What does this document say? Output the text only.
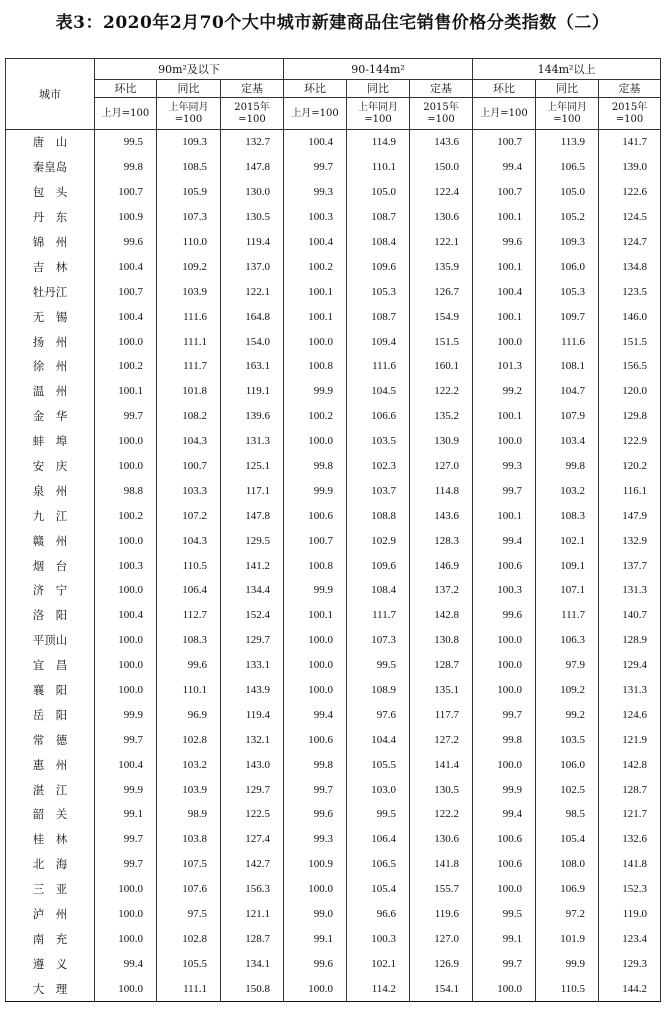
表3：2020年2月70个大中城市新建商品住宅销售价格分类指数（二）
城市	90m²及以下			90-144m²			144m²以上		
	环比	同比	定基	环比	同比	定基	环比	同比	定基
	上月=100	上年同月=100	2015年=100	上月=100	上年同月=100	2015年=100	上月=100	上年同月=100	2015年=100
唐　山	99.5	109.3	132.7	100.4	114.9	143.6	100.7	113.9	141.7
秦皇岛	99.8	108.5	147.8	99.7	110.1	150.0	99.4	106.5	139.0
包　头	100.7	105.9	130.0	99.3	105.0	122.4	100.7	105.0	122.6
丹　东	100.9	107.3	130.5	100.3	108.7	130.6	100.1	105.2	124.5
锦　州	99.6	110.0	119.4	100.4	108.4	122.1	99.6	109.3	124.7
吉　林	100.4	109.2	137.0	100.2	109.6	135.9	100.1	106.0	134.8
牡丹江	100.7	103.9	122.1	100.1	105.3	126.7	100.4	105.3	123.5
无　锡	100.4	111.6	164.8	100.1	108.7	154.9	100.1	109.7	146.0
扬　州	100.0	111.1	154.0	100.0	109.4	151.5	100.0	111.6	151.5
徐　州	100.2	111.7	163.1	100.8	111.6	160.1	101.3	108.1	156.5
温　州	100.1	101.8	119.1	99.9	104.5	122.2	99.2	104.7	120.0
金　华	99.7	108.2	139.6	100.2	106.6	135.2	100.1	107.9	129.8
蚌　埠	100.0	104.3	131.3	100.0	103.5	130.9	100.0	103.4	122.9
安　庆	100.0	100.7	125.1	99.8	102.3	127.0	99.3	99.8	120.2
泉　州	98.8	103.3	117.1	99.9	103.7	114.8	99.7	103.2	116.1
九　江	100.2	107.2	147.8	100.6	108.8	143.6	100.1	108.3	147.9
赣　州	100.0	104.3	129.5	100.7	102.9	128.3	99.4	102.1	132.9
烟　台	100.3	110.5	141.2	100.8	109.6	146.9	100.6	109.1	137.7
济　宁	100.0	106.4	134.4	99.9	108.4	137.2	100.3	107.1	131.3
洛　阳	100.4	112.7	152.4	100.1	111.7	142.8	99.6	111.7	140.7
平顶山	100.0	108.3	129.7	100.0	107.3	130.8	100.0	106.3	128.9
宜　昌	100.0	99.6	133.1	100.0	99.5	128.7	100.0	97.9	129.4
襄　阳	100.0	110.1	143.9	100.0	108.9	135.1	100.0	109.2	131.3
岳　阳	99.9	96.9	119.4	99.4	97.6	117.7	99.7	99.2	124.6
常　德	99.7	102.8	132.1	100.6	104.4	127.2	99.8	103.5	121.9
惠　州	100.4	103.2	143.0	99.8	105.5	141.4	100.0	106.0	142.8
湛　江	99.9	103.9	129.7	99.7	103.0	130.5	99.9	102.5	128.7
韶　关	99.1	98.9	122.5	99.6	99.5	122.2	99.4	98.5	121.7
桂　林	99.7	103.8	127.4	99.3	106.4	130.6	100.6	105.4	132.6
北　海	99.7	107.5	142.7	100.9	106.5	141.8	100.6	108.0	141.8
三　亚	100.0	107.6	156.3	100.0	105.4	155.7	100.0	106.9	152.3
泸　州	100.0	97.5	121.1	99.0	96.6	119.6	99.5	97.2	119.0
南　充	100.0	102.8	128.7	99.1	100.3	127.0	99.1	101.9	123.4
遵　义	99.4	105.5	134.1	99.6	102.1	126.9	99.7	99.9	129.3
大　理	100.0	111.1	150.8	100.0	114.2	154.1	100.0	110.5	144.2
